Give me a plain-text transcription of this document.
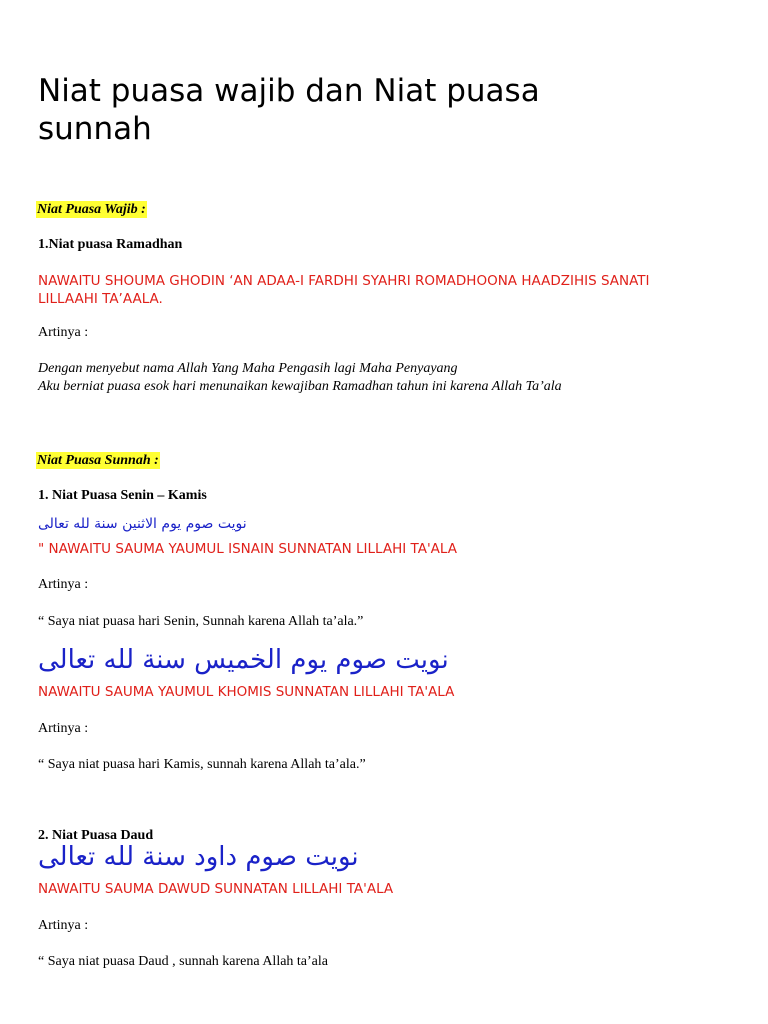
Niat puasa wajib dan Niat puasa
sunnah
Niat Puasa Wajib :
1.Niat puasa Ramadhan
NAWAITU SHOUMA GHODIN ‘AN ADAA-I FARDHI SYAHRI ROMADHOONA HAADZIHIS SANATI
LILLAAHI TA’AALA.
Artinya :
Dengan menyebut nama Allah Yang Maha Pengasih lagi Maha Penyayang
Aku berniat puasa esok hari menunaikan kewajiban Ramadhan tahun ini karena Allah Ta’ala
Niat Puasa Sunnah :
1. Niat Puasa Senin – Kamis
نويت صوم يوم الاثنين سنة لله تعالى
" NAWAITU SAUMA YAUMUL ISNAIN SUNNATAN LILLAHI TA'ALA
Artinya :
“ Saya niat puasa hari Senin, Sunnah karena Allah ta’ala.”
نويت صوم يوم الخميس سنة لله تعالى
NAWAITU SAUMA YAUMUL KHOMIS SUNNATAN LILLAHI TA'ALA
Artinya :
“ Saya niat puasa hari Kamis, sunnah karena Allah ta’ala.”
2. Niat Puasa Daud
نويت صوم داود سنة لله تعالى
NAWAITU SAUMA DAWUD SUNNATAN LILLAHI TA'ALA
Artinya :
“ Saya niat puasa Daud , sunnah karena Allah ta’ala
